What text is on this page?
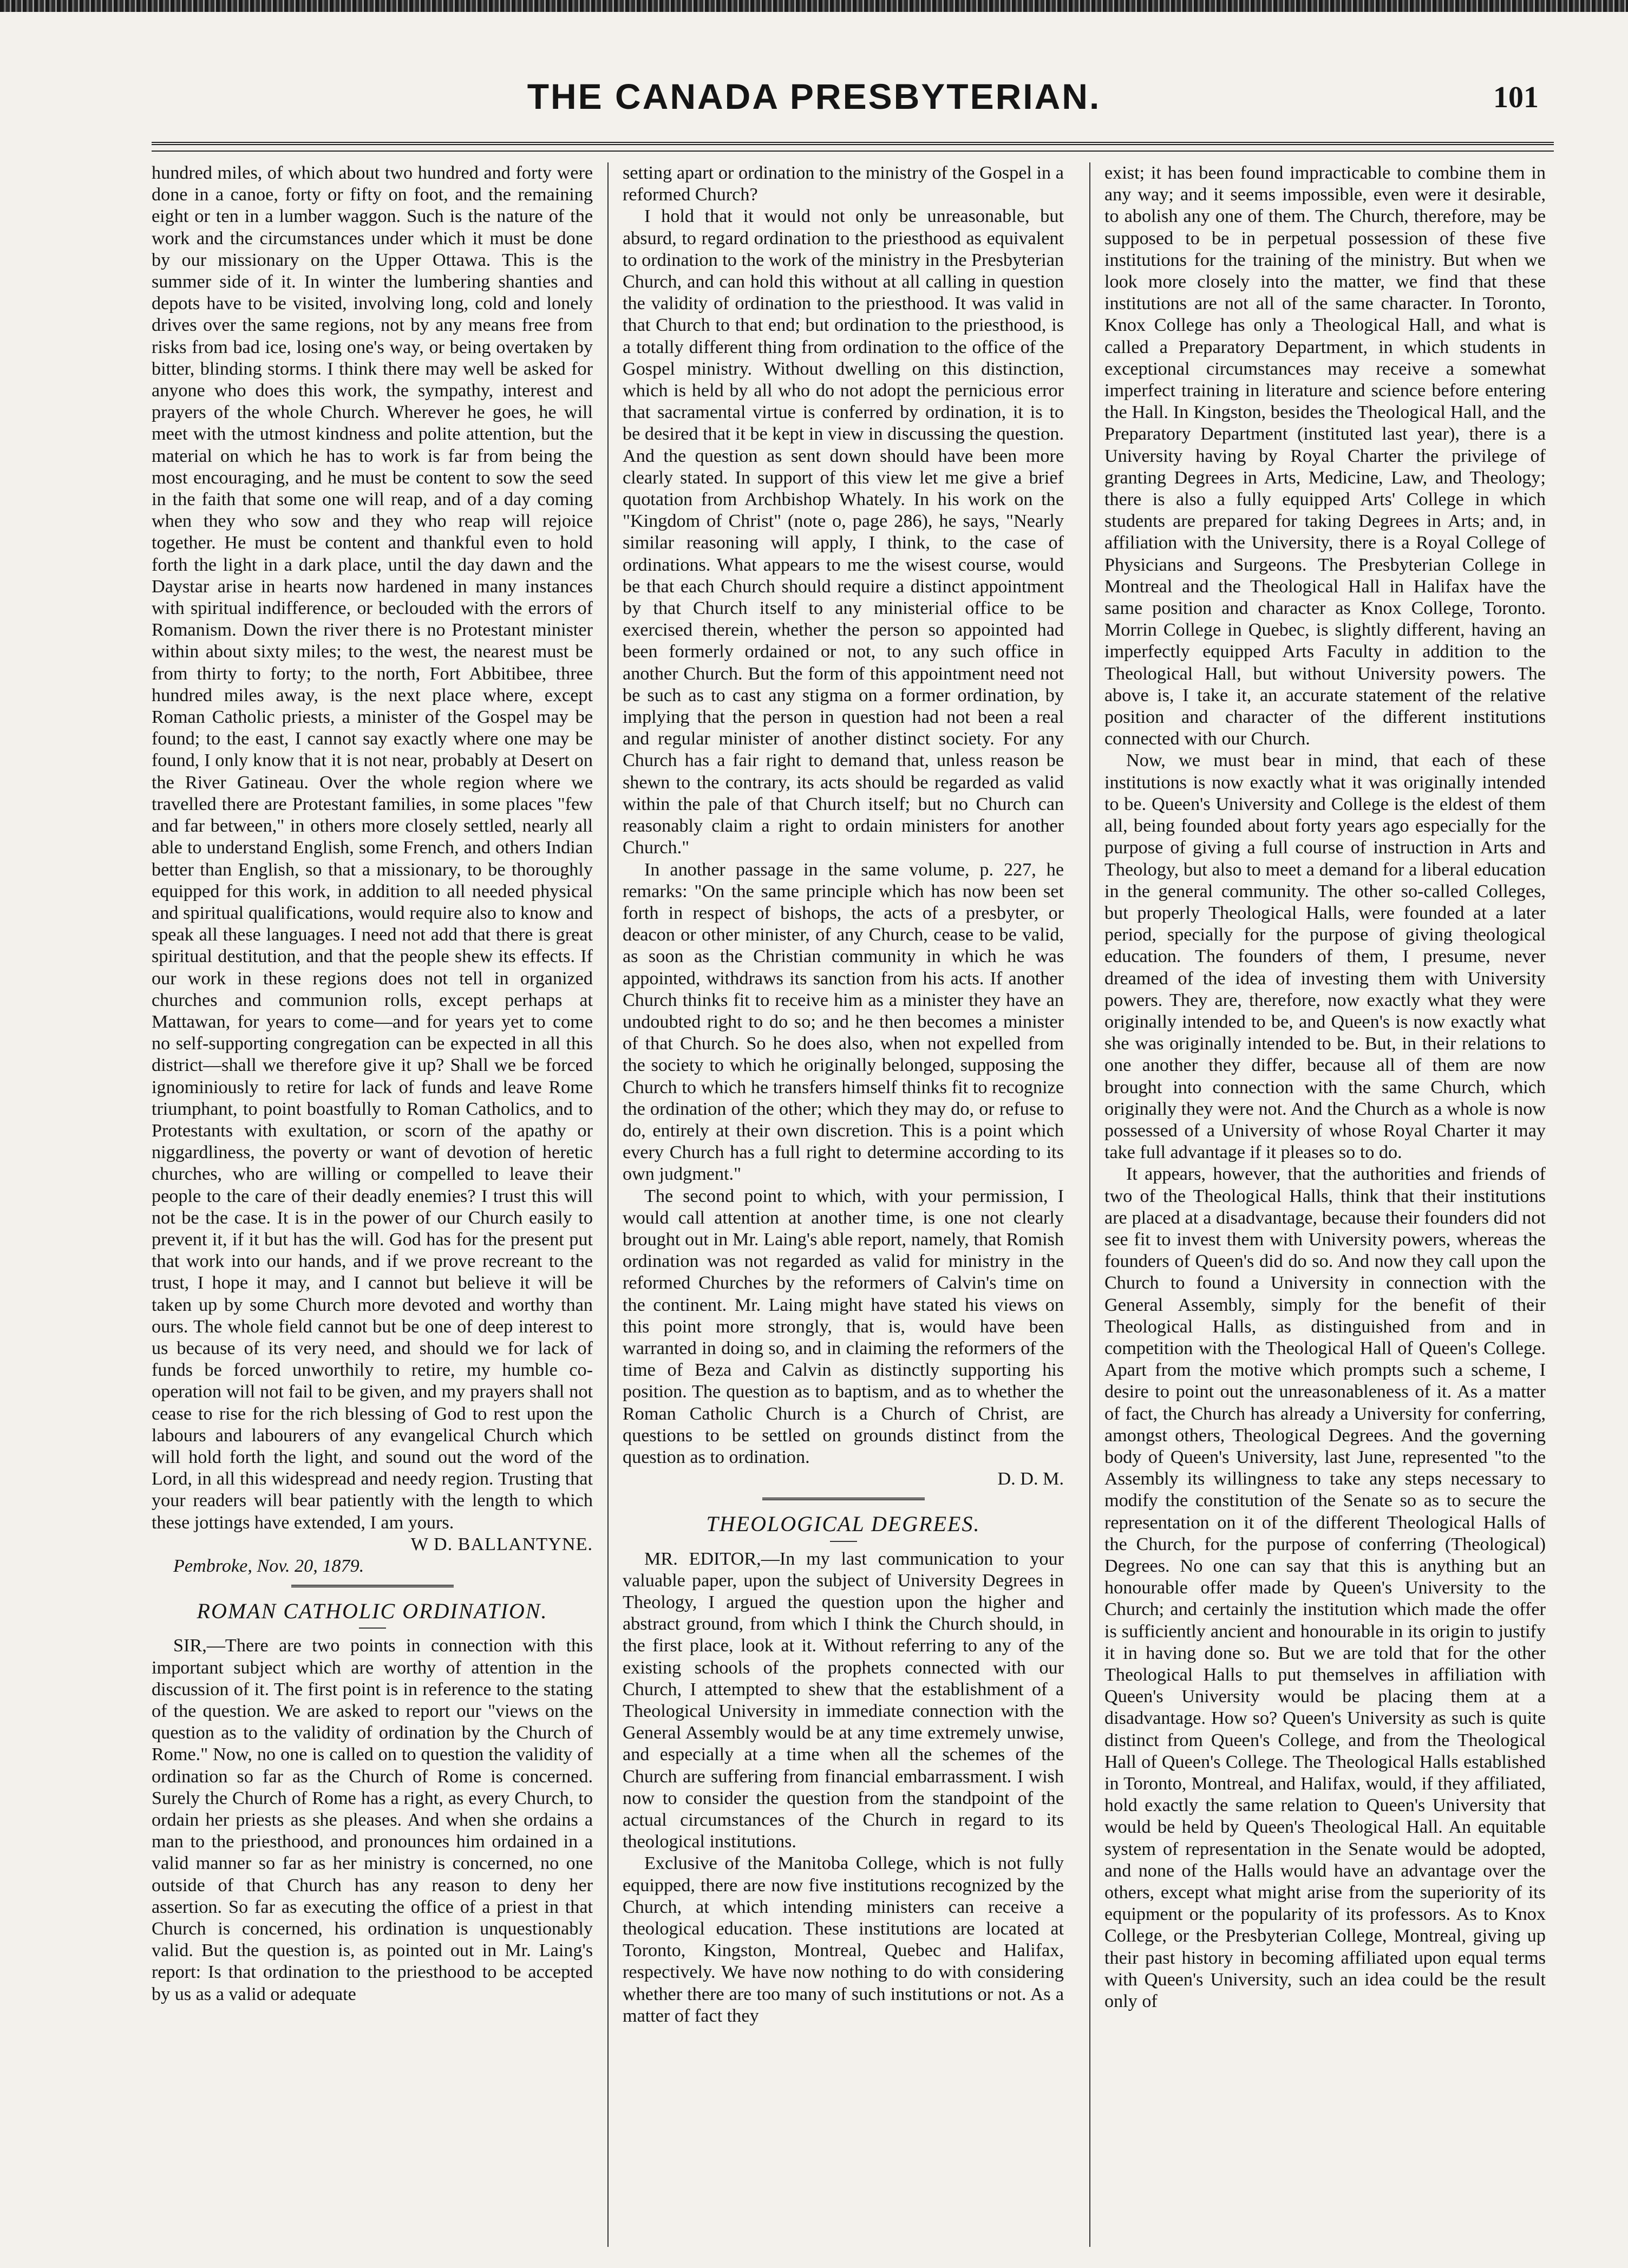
THE CANADA PRESBYTERIAN.	101

hundred miles, of which about two hundred and forty were done in a canoe, forty or fifty on foot, and the remaining eight or ten in a lumber waggon. Such is the nature of the work and the circumstances under which it must be done by our missionary on the Upper Ottawa. This is the summer side of it. In winter the lumbering shanties and depots have to be visited, involving long, cold and lonely drives over the same regions, not by any means free from risks from bad ice, losing one's way, or being overtaken by bitter, blinding storms. I think there may well be asked for anyone who does this work, the sympathy, interest and prayers of the whole Church. Wherever he goes, he will meet with the utmost kindness and polite attention, but the material on which he has to work is far from being the most encouraging, and he must be content to sow the seed in the faith that some one will reap, and of a day coming when they who sow and they who reap will rejoice together. He must be content and thankful even to hold forth the light in a dark place, until the day dawn and the Daystar arise in hearts now hardened in many instances with spiritual indifference, or beclouded with the errors of Romanism. Down the river there is no Protestant minister within about sixty miles; to the west, the nearest must be from thirty to forty; to the north, Fort Abbitibee, three hundred miles away, is the next place where, except Roman Catholic priests, a minister of the Gospel may be found; to the east, I cannot say exactly where one may be found, I only know that it is not near, probably at Desert on the River Gatineau. Over the whole region where we travelled there are Protestant families, in some places "few and far between," in others more closely settled, nearly all able to understand English, some French, and others Indian better than English, so that a missionary, to be thoroughly equipped for this work, in addition to all needed physical and spiritual qualifications, would require also to know and speak all these languages. I need not add that there is great spiritual destitution, and that the people shew its effects. If our work in these regions does not tell in organized churches and communion rolls, except perhaps at Mattawan, for years to come—and for years yet to come no self-supporting congregation can be expected in all this district—shall we therefore give it up? Shall we be forced ignominiously to retire for lack of funds and leave Rome triumphant, to point boastfully to Roman Catholics, and to Protestants with exultation, or scorn of the apathy or niggardliness, the poverty or want of devotion of heretic churches, who are willing or compelled to leave their people to the care of their deadly enemies? I trust this will not be the case. It is in the power of our Church easily to prevent it, if it but has the will. God has for the present put that work into our hands, and if we prove recreant to the trust, I hope it may, and I cannot but believe it will be taken up by some Church more devoted and worthy than ours. The whole field cannot but be one of deep interest to us because of its very need, and should we for lack of funds be forced unworthily to retire, my humble co-operation will not fail to be given, and my prayers shall not cease to rise for the rich blessing of God to rest upon the labours and labourers of any evangelical Church which will hold forth the light, and sound out the word of the Lord, in all this widespread and needy region. Trusting that your readers will bear patiently with the length to which these jottings have extended, I am yours.

W D. BALLANTYNE.

Pembroke, Nov. 20, 1879.

ROMAN CATHOLIC ORDINATION.

SIR,—There are two points in connection with this important subject which are worthy of attention in the discussion of it. The first point is in reference to the stating of the question. We are asked to report our "views on the question as to the validity of ordination by the Church of Rome." Now, no one is called on to question the validity of ordination so far as the Church of Rome is concerned. Surely the Church of Rome has a right, as every Church, to ordain her priests as she pleases. And when she ordains a man to the priesthood, and pronounces him ordained in a valid manner so far as her ministry is concerned, no one outside of that Church has any reason to deny her assertion. So far as executing the office of a priest in that Church is concerned, his ordination is unquestionably valid. But the question is, as pointed out in Mr. Laing's report: Is that ordination to the priesthood to be accepted by us as a valid or adequate

setting apart or ordination to the ministry of the Gospel in a reformed Church?

I hold that it would not only be unreasonable, but absurd, to regard ordination to the priesthood as equivalent to ordination to the work of the ministry in the Presbyterian Church, and can hold this without at all calling in question the validity of ordination to the priesthood. It was valid in that Church to that end; but ordination to the priesthood, is a totally different thing from ordination to the office of the Gospel ministry. Without dwelling on this distinction, which is held by all who do not adopt the pernicious error that sacramental virtue is conferred by ordination, it is to be desired that it be kept in view in discussing the question. And the question as sent down should have been more clearly stated. In support of this view let me give a brief quotation from Archbishop Whately. In his work on the "Kingdom of Christ" (note o, page 286), he says, "Nearly similar reasoning will apply, I think, to the case of ordinations. What appears to me the wisest course, would be that each Church should require a distinct appointment by that Church itself to any ministerial office to be exercised therein, whether the person so appointed had been formerly ordained or not, to any such office in another Church. But the form of this appointment need not be such as to cast any stigma on a former ordination, by implying that the person in question had not been a real and regular minister of another distinct society. For any Church has a fair right to demand that, unless reason be shewn to the contrary, its acts should be regarded as valid within the pale of that Church itself; but no Church can reasonably claim a right to ordain ministers for another Church."

In another passage in the same volume, p. 227, he remarks: "On the same principle which has now been set forth in respect of bishops, the acts of a presbyter, or deacon or other minister, of any Church, cease to be valid, as soon as the Christian community in which he was appointed, withdraws its sanction from his acts. If another Church thinks fit to receive him as a minister they have an undoubted right to do so; and he then becomes a minister of that Church. So he does also, when not expelled from the society to which he originally belonged, supposing the Church to which he transfers himself thinks fit to recognize the ordination of the other; which they may do, or refuse to do, entirely at their own discretion. This is a point which every Church has a full right to determine according to its own judgment."

The second point to which, with your permission, I would call attention at another time, is one not clearly brought out in Mr. Laing's able report, namely, that Romish ordination was not regarded as valid for ministry in the reformed Churches by the reformers of Calvin's time on the continent. Mr. Laing might have stated his views on this point more strongly, that is, would have been warranted in doing so, and in claiming the reformers of the time of Beza and Calvin as distinctly supporting his position. The question as to baptism, and as to whether the Roman Catholic Church is a Church of Christ, are questions to be settled on grounds distinct from the question as to ordination.

D. D. M.

THEOLOGICAL DEGREES.

MR. EDITOR,—In my last communication to your valuable paper, upon the subject of University Degrees in Theology, I argued the question upon the higher and abstract ground, from which I think the Church should, in the first place, look at it. Without referring to any of the existing schools of the prophets connected with our Church, I attempted to shew that the establishment of a Theological University in immediate connection with the General Assembly would be at any time extremely unwise, and especially at a time when all the schemes of the Church are suffering from financial embarrassment. I wish now to consider the question from the standpoint of the actual circumstances of the Church in regard to its theological institutions.

Exclusive of the Manitoba College, which is not fully equipped, there are now five institutions recognized by the Church, at which intending ministers can receive a theological education. These institutions are located at Toronto, Kingston, Montreal, Quebec and Halifax, respectively. We have now nothing to do with considering whether there are too many of such institutions or not. As a matter of fact they

exist; it has been found impracticable to combine them in any way; and it seems impossible, even were it desirable, to abolish any one of them. The Church, therefore, may be supposed to be in perpetual possession of these five institutions for the training of the ministry. But when we look more closely into the matter, we find that these institutions are not all of the same character. In Toronto, Knox College has only a Theological Hall, and what is called a Preparatory Department, in which students in exceptional circumstances may receive a somewhat imperfect training in literature and science before entering the Hall. In Kingston, besides the Theological Hall, and the Preparatory Department (instituted last year), there is a University having by Royal Charter the privilege of granting Degrees in Arts, Medicine, Law, and Theology; there is also a fully equipped Arts' College in which students are prepared for taking Degrees in Arts; and, in affiliation with the University, there is a Royal College of Physicians and Surgeons. The Presbyterian College in Montreal and the Theological Hall in Halifax have the same position and character as Knox College, Toronto. Morrin College in Quebec, is slightly different, having an imperfectly equipped Arts Faculty in addition to the Theological Hall, but without University powers. The above is, I take it, an accurate statement of the relative position and character of the different institutions connected with our Church.

Now, we must bear in mind, that each of these institutions is now exactly what it was originally intended to be. Queen's University and College is the eldest of them all, being founded about forty years ago especially for the purpose of giving a full course of instruction in Arts and Theology, but also to meet a demand for a liberal education in the general community. The other so-called Colleges, but properly Theological Halls, were founded at a later period, specially for the purpose of giving theological education. The founders of them, I presume, never dreamed of the idea of investing them with University powers. They are, therefore, now exactly what they were originally intended to be, and Queen's is now exactly what she was originally intended to be. But, in their relations to one another they differ, because all of them are now brought into connection with the same Church, which originally they were not. And the Church as a whole is now possessed of a University of whose Royal Charter it may take full advantage if it pleases so to do.

It appears, however, that the authorities and friends of two of the Theological Halls, think that their institutions are placed at a disadvantage, because their founders did not see fit to invest them with University powers, whereas the founders of Queen's did do so. And now they call upon the Church to found a University in connection with the General Assembly, simply for the benefit of their Theological Halls, as distinguished from and in competition with the Theological Hall of Queen's College. Apart from the motive which prompts such a scheme, I desire to point out the unreasonableness of it. As a matter of fact, the Church has already a University for conferring, amongst others, Theological Degrees. And the governing body of Queen's University, last June, represented "to the Assembly its willingness to take any steps necessary to modify the constitution of the Senate so as to secure the representation on it of the different Theological Halls of the Church, for the purpose of conferring (Theological) Degrees. No one can say that this is anything but an honourable offer made by Queen's University to the Church; and certainly the institution which made the offer is sufficiently ancient and honourable in its origin to justify it in having done so. But we are told that for the other Theological Halls to put themselves in affiliation with Queen's University would be placing them at a disadvantage. How so? Queen's University as such is quite distinct from Queen's College, and from the Theological Hall of Queen's College. The Theological Halls established in Toronto, Montreal, and Halifax, would, if they affiliated, hold exactly the same relation to Queen's University that would be held by Queen's Theological Hall. An equitable system of representation in the Senate would be adopted, and none of the Halls would have an advantage over the others, except what might arise from the superiority of its equipment or the popularity of its professors. As to Knox College, or the Presbyterian College, Montreal, giving up their past history in becoming affiliated upon equal terms with Queen's University, such an idea could be the result only of
